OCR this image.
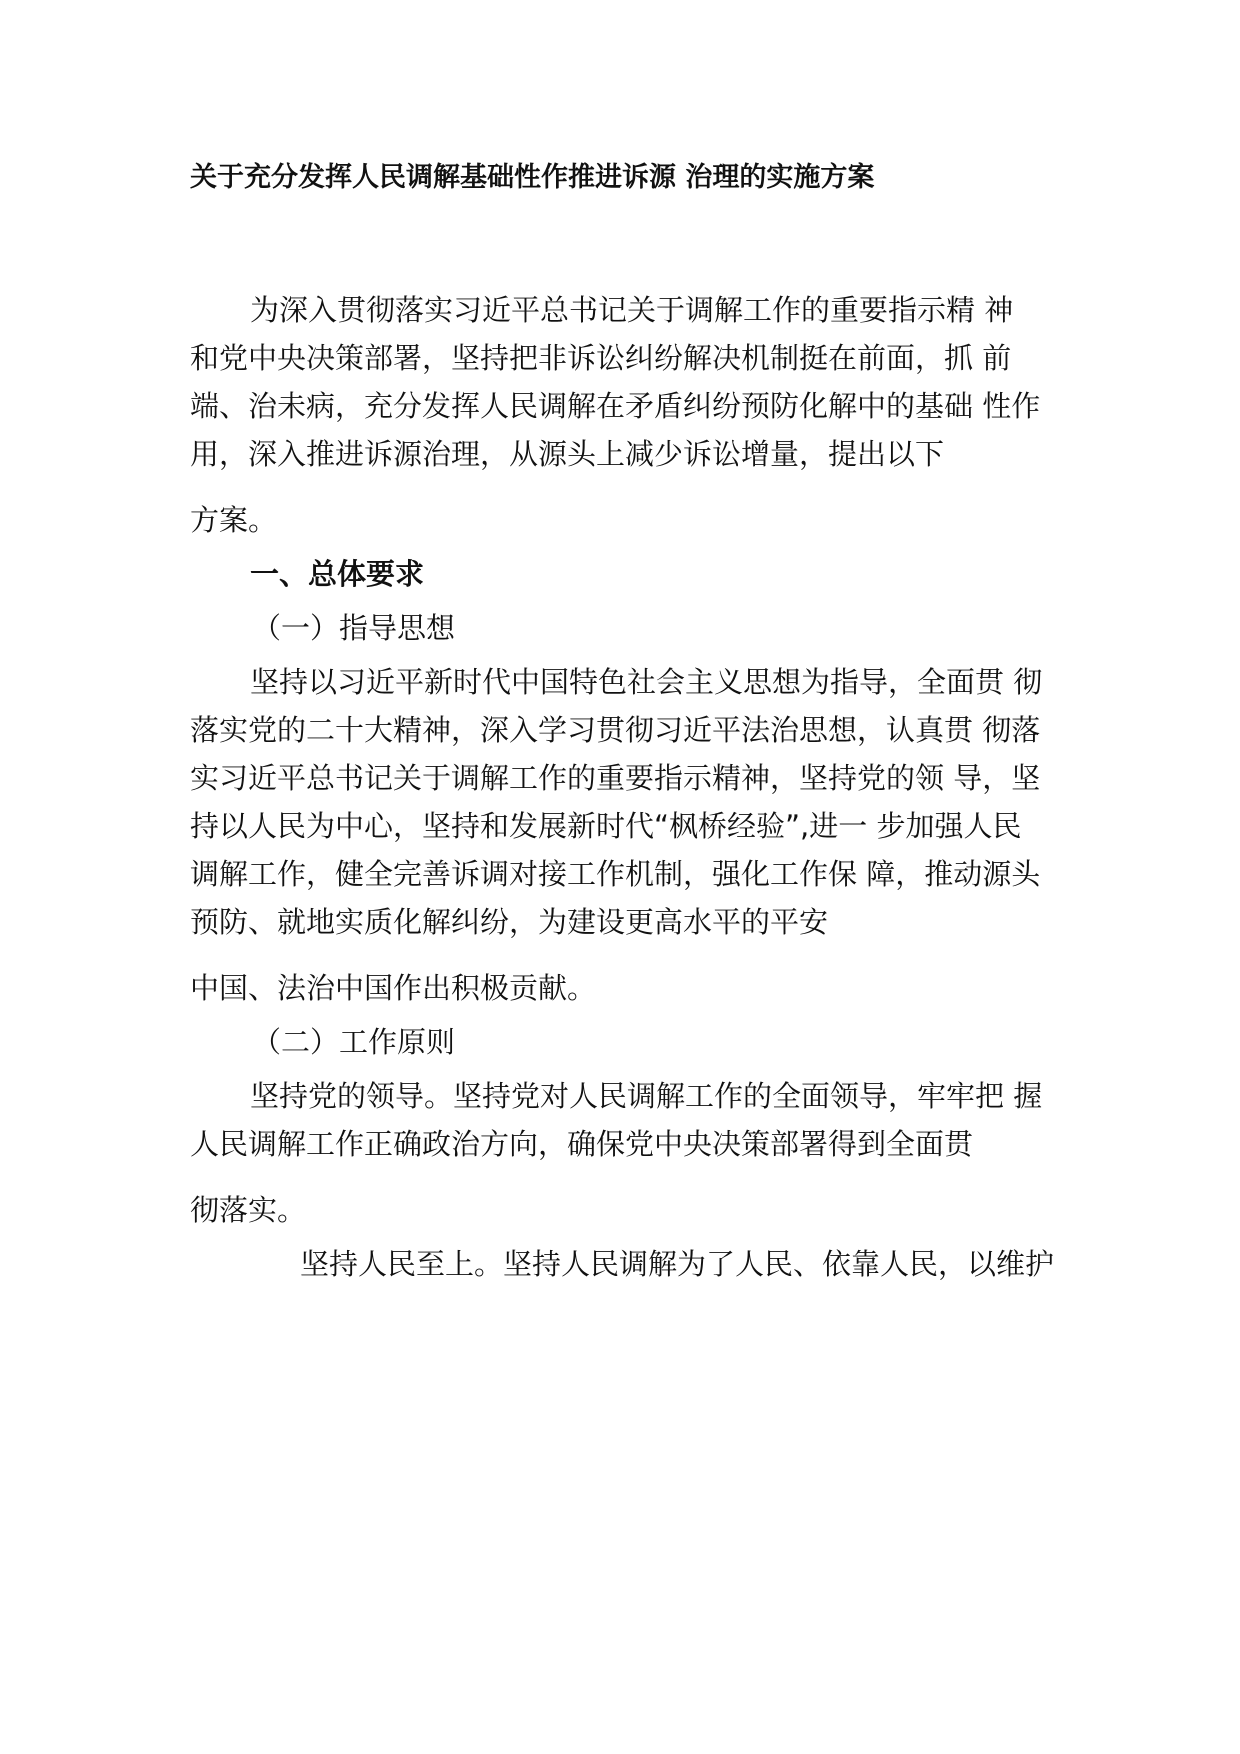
关于充分发挥人民调解基础性作推进诉源 治理的实施方案
为深入贯彻落实习近平总书记关于调解工作的重要指示精 神
和党中央决策部署，坚持把非诉讼纠纷解决机制挺在前面，抓 前
端、治未病，充分发挥人民调解在矛盾纠纷预防化解中的基础 性作
用，深入推进诉源治理，从源头上减少诉讼增量，提出以下
方案。
一、总体要求
（一）指导思想
坚持以习近平新时代中国特色社会主义思想为指导，全面贯 彻
落实党的二十大精神，深入学习贯彻习近平法治思想，认真贯 彻落
实习近平总书记关于调解工作的重要指示精神，坚持党的领 导，坚
持以人民为中心，坚持和发展新时代“枫桥经验”,进一 步加强人民
调解工作，健全完善诉调对接工作机制，强化工作保 障，推动源头
预防、就地实质化解纠纷，为建设更高水平的平安
中国、法治中国作出积极贡献。
（二）工作原则
坚持党的领导。坚持党对人民调解工作的全面领导，牢牢把 握
人民调解工作正确政治方向，确保党中央决策部署得到全面贯
彻落实。
坚持人民至上。坚持人民调解为了人民、依靠人民，以维护
